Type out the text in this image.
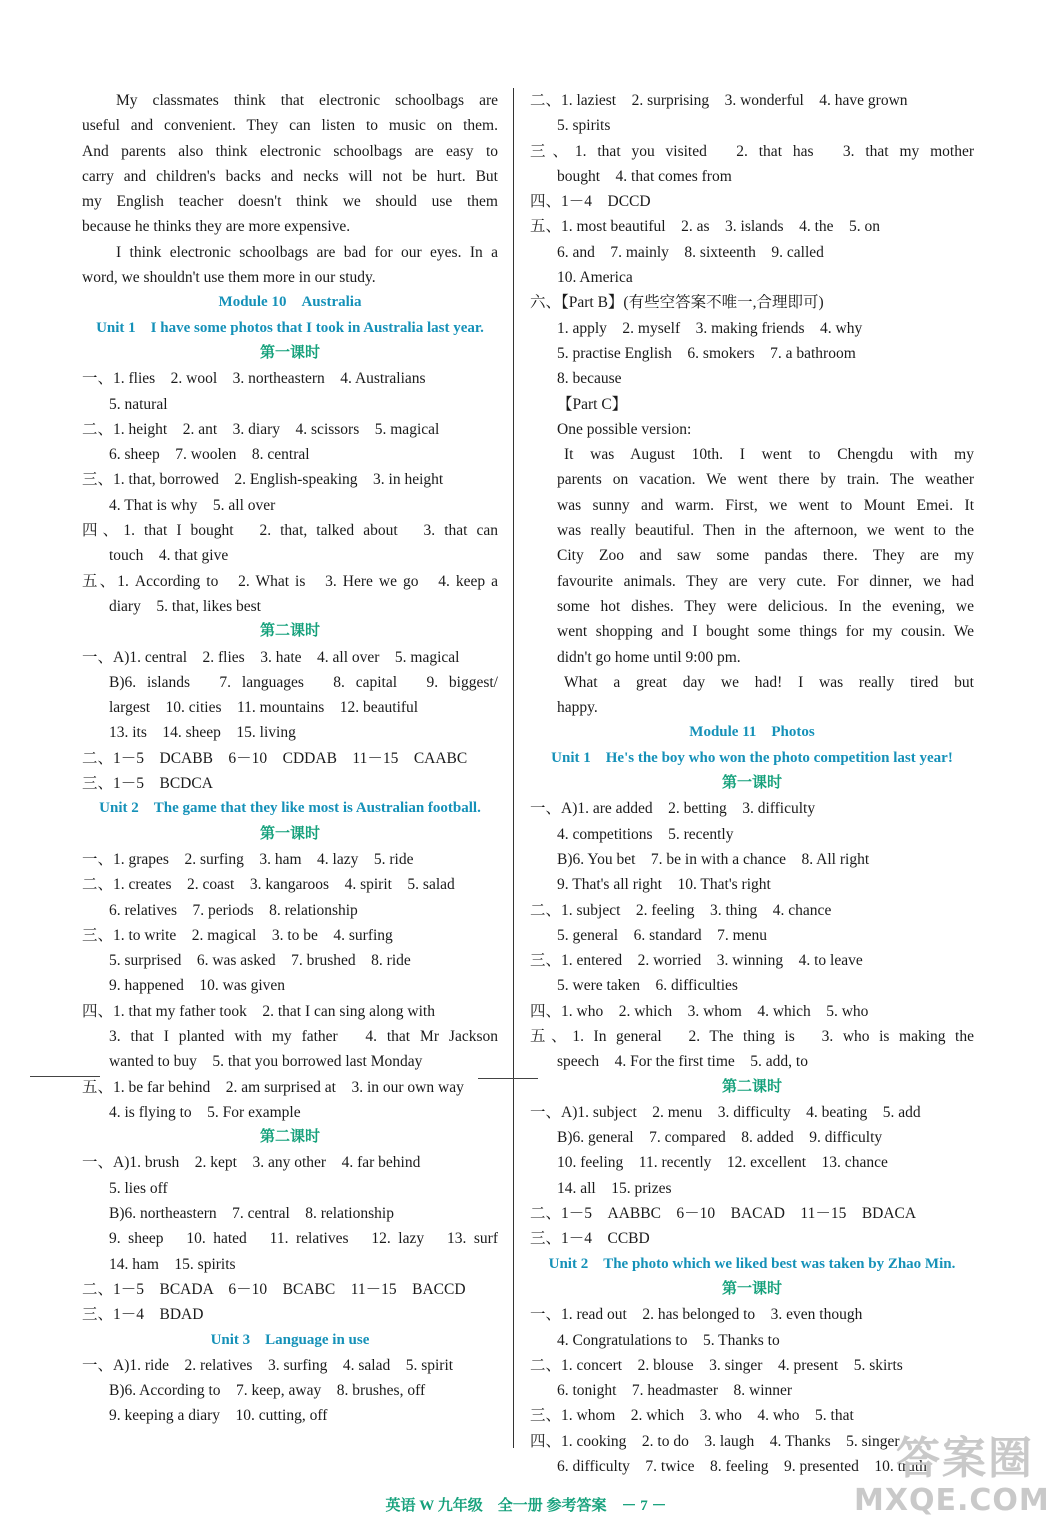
My classmates think that electronic schoolbags are
useful and convenient. They can listen to music on them.
And parents also think electronic schoolbags are easy to
carry and children's backs and necks will not be hurt. But
my English teacher doesn't think we should use them
because he thinks they are more expensive.
I think electronic schoolbags are bad for our eyes. In a
word, we shouldn't use them more in our study.
Module 10　Australia
Unit 1　I have some photos that I took in Australia last year.
第一课时
一、1. flies　2. wool　3. northeastern　4. Australians
5. natural
二、1. height　2. ant　3. diary　4. scissors　5. magical
6. sheep　7. woolen　8. central
三、1. that, borrowed　2. English-speaking　3. in height
4. That is why　5. all over
四、1. that I bought　2. that, talked about　3. that can
touch　4. that give
五、1. According to　2. What is　3. Here we go　4. keep a
diary　5. that, likes best
第二课时
一、A)1. central　2. flies　3. hate　4. all over　5. magical
B)6. islands　7. languages　8. capital　9. biggest/
largest　10. cities　11. mountains　12. beautiful
13. its　14. sheep　15. living
二、1－5　DCABB　6－10　CDDAB　11－15　CAABC
三、1－5　BCDCA
Unit 2　The game that they like most is Australian football.
第一课时
一、1. grapes　2. surfing　3. ham　4. lazy　5. ride
二、1. creates　2. coast　3. kangaroos　4. spirit　5. salad
6. relatives　7. periods　8. relationship
三、1. to write　2. magical　3. to be　4. surfing
5. surprised　6. was asked　7. brushed　8. ride
9. happened　10. was given
四、1. that my father took　2. that I can sing along with
3. that I planted with my father　4. that Mr Jackson
wanted to buy　5. that you borrowed last Monday
五、1. be far behind　2. am surprised at　3. in our own way
4. is flying to　5. For example
第二课时
一、A)1. brush　2. kept　3. any other　4. far behind
5. lies off
B)6. northeastern　7. central　8. relationship
9. sheep　10. hated　11. relatives　12. lazy　13. surf
14. ham　15. spirits
二、1－5　BCADA　6－10　BCABC　11－15　BACCD
三、1－4　BDAD
Unit 3　Language in use
一、A)1. ride　2. relatives　3. surfing　4. salad　5. spirit
B)6. According to　7. keep, away　8. brushes, off
9. keeping a diary　10. cutting, off
二、1. laziest　2. surprising　3. wonderful　4. have grown
5. spirits
三、1. that you visited　2. that has　3. that my mother
bought　4. that comes from
四、1－4　DCCD
五、1. most beautiful　2. as　3. islands　4. the　5. on
6. and　7. mainly　8. sixteenth　9. called
10. America
六、【Part B】(有些空答案不唯一,合理即可)
1. apply　2. myself　3. making friends　4. why
5. practise English　6. smokers　7. a bathroom
8. because
【Part C】
One possible version:
It was August 10th. I went to Chengdu with my
parents on vacation. We went there by train. The weather
was sunny and warm. First, we went to Mount Emei. It
was really beautiful. Then in the afternoon, we went to the
City Zoo and saw some pandas there. They are my
favourite animals. They are very cute. For dinner, we had
some hot dishes. They were delicious. In the evening, we
went shopping and I bought some things for my cousin. We
didn't go home until 9:00 pm.
What a great day we had! I was really tired but
happy.
Module 11　Photos
Unit 1　He's the boy who won the photo competition last year!
第一课时
一、A)1. are added　2. betting　3. difficulty
4. competitions　5. recently
B)6. You bet　7. be in with a chance　8. All right
9. That's all right　10. That's right
二、1. subject　2. feeling　3. thing　4. chance
5. general　6. standard　7. menu
三、1. entered　2. worried　3. winning　4. to leave
5. were taken　6. difficulties
四、1. who　2. which　3. whom　4. which　5. who
五、1. In general　2. The thing is　3. who is making the
speech　4. For the first time　5. add, to
第二课时
一、A)1. subject　2. menu　3. difficulty　4. beating　5. add
B)6. general　7. compared　8. added　9. difficulty
10. feeling　11. recently　12. excellent　13. chance
14. all　15. prizes
二、1－5　AABBC　6－10　BACAD　11－15　BDACA
三、1－4　CCBD
Unit 2　The photo which we liked best was taken by Zhao Min.
第一课时
一、1. read out　2. has belonged to　3. even though
4. Congratulations to　5. Thanks to
二、1. concert　2. blouse　3. singer　4. present　5. skirts
6. tonight　7. headmaster　8. winner
三、1. whom　2. which　3. who　4. who　5. that
四、1. cooking　2. to do　3. laugh　4. Thanks　5. singer
6. difficulty　7. twice　8. feeling　9. presented　10. truth
英语 W 九年级　全一册 参考答案　－ 7 －
答案圈
MXQE.COM
